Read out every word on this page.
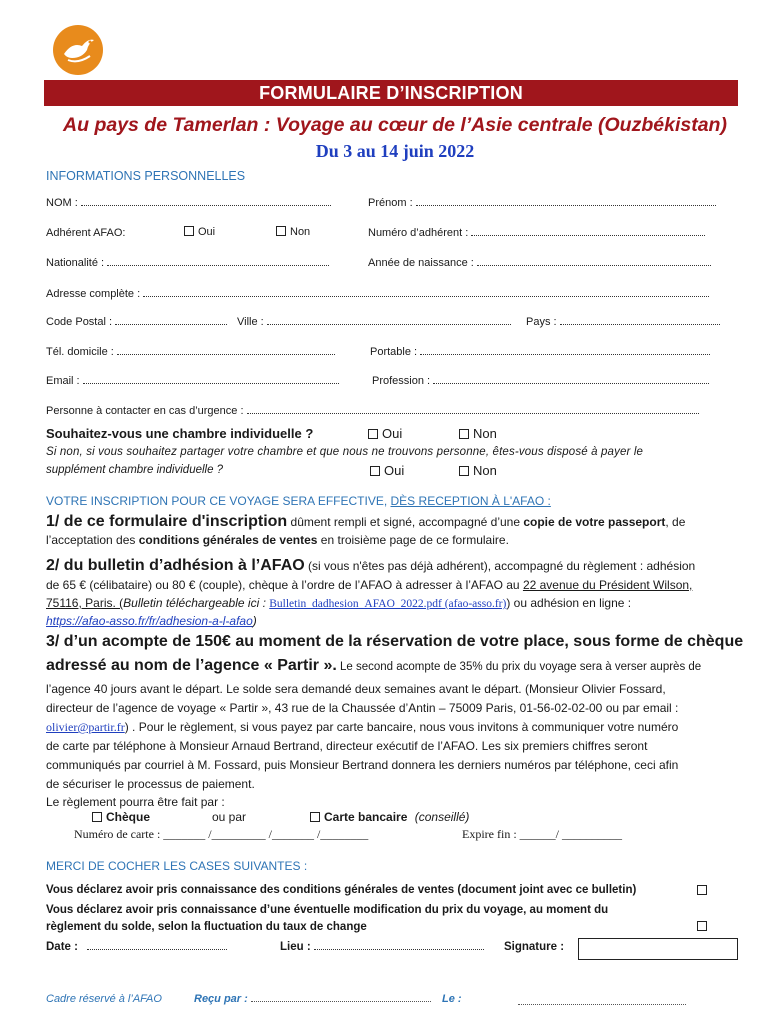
FORMULAIRE D’INSCRIPTION
Au pays de Tamerlan : Voyage au cœur de l’Asie centrale (Ouzbékistan)
Du 3 au 14 juin 2022
INFORMATIONS PERSONNELLES
NOM :	Prénom :
Adhérent AFAO:	Oui	Non	Numéro d’adhérent :
Nationalité :	Année de naissance :
Adresse complète :
Code Postal :	Ville :	Pays :
Tél. domicile :	Portable :
Email :	Profession :
Personne à contacter en cas d’urgence :
Souhaitez-vous une chambre individuelle ?	Oui	Non
Si non, si vous souhaitez partager votre chambre et que nous ne trouvons personne, êtes-vous disposé à payer le
supplément chambre individuelle ?	Oui	Non
VOTRE INSCRIPTION POUR CE VOYAGE SERA EFFECTIVE, DÈS RECEPTION À L'AFAO :
1/ de ce formulaire d'inscription dûment rempli et signé, accompagné d’une copie de votre passeport, de
l’acceptation des conditions générales de ventes en troisième page de ce formulaire.
2/ du bulletin d’adhésion à l’AFAO (si vous n'êtes pas déjà adhérent), accompagné du règlement : adhésion
de 65 € (célibataire) ou 80 € (couple), chèque à l’ordre de l’AFAO à adresser à l’AFAO au 22 avenue du Président Wilson,
75116, Paris. (Bulletin téléchargeable ici : Bulletin_dadhesion_AFAO_2022.pdf (afao-asso.fr)) ou adhésion en ligne :
https://afao-asso.fr/fr/adhesion-a-l-afao)
3/ d’un acompte de 150€ au moment de la réservation de votre place, sous forme de chèque
adressé au nom de l’agence « Partir ». Le second acompte de 35% du prix du voyage sera à verser auprès de
l’agence 40 jours avant le départ. Le solde sera demandé deux semaines avant le départ. (Monsieur Olivier Fossard,
directeur de l’agence de voyage « Partir », 43 rue de la Chaussée d’Antin – 75009 Paris, 01-56-02-02-00 ou par email :
olivier@partir.fr) . Pour le règlement, si vous payez par carte bancaire, nous vous invitons à communiquer votre numéro
de carte par téléphone à Monsieur Arnaud Bertrand, directeur exécutif de l’AFAO. Les six premiers chiffres seront
communiqués par courriel à M. Fossard, puis Monsieur Bertrand donnera les derniers numéros par téléphone, ceci afin
de sécuriser le processus de paiement.
Le règlement pourra être fait par :
Chèque	ou par	Carte bancaire (conseillé)
Numéro de carte : _______ /_________ /_______ /________	Expire fin : ______/ __________
MERCI DE COCHER LES CASES SUIVANTES :
Vous déclarez avoir pris connaissance des conditions générales de ventes (document joint avec ce bulletin)
Vous déclarez avoir pris connaissance d’une éventuelle modification du prix du voyage, au moment du
règlement du solde, selon la fluctuation du taux de change
Date :	Lieu :	Signature :
Cadre réservé à l’AFAO	Reçu par :	Le :
